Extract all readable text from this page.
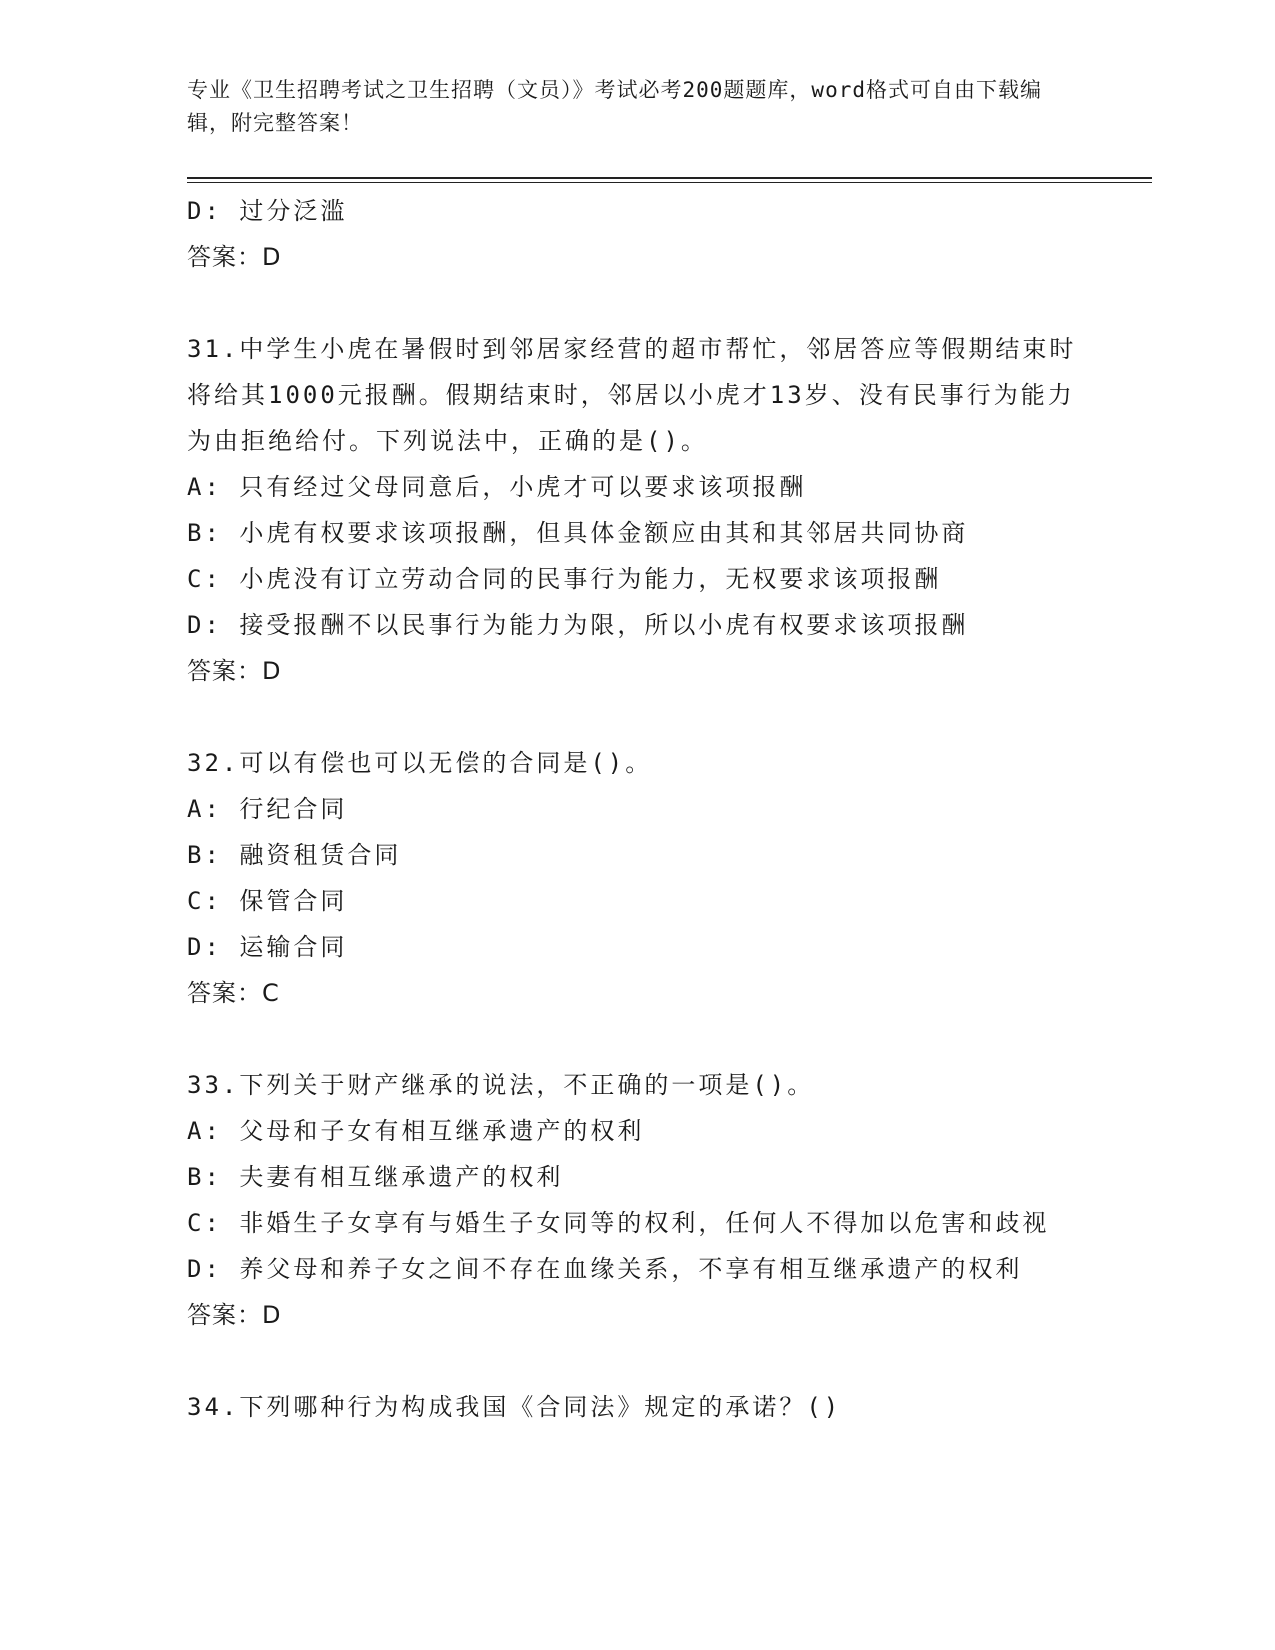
专业《卫生招聘考试之卫生招聘（文员）》考试必考200题题库，word格式可自由下载编辑，附完整答案！
D: 过分泛滥
答案：D
31.中学生小虎在暑假时到邻居家经营的超市帮忙，邻居答应等假期结束时将给其1000元报酬。假期结束时，邻居以小虎才13岁、没有民事行为能力为由拒绝给付。下列说法中，正确的是()。
A: 只有经过父母同意后，小虎才可以要求该项报酬
B: 小虎有权要求该项报酬，但具体金额应由其和其邻居共同协商
C: 小虎没有订立劳动合同的民事行为能力，无权要求该项报酬
D: 接受报酬不以民事行为能力为限，所以小虎有权要求该项报酬
答案：D
32.可以有偿也可以无偿的合同是()。
A: 行纪合同
B: 融资租赁合同
C: 保管合同
D: 运输合同
答案：C
33.下列关于财产继承的说法，不正确的一项是()。
A: 父母和子女有相互继承遗产的权利
B: 夫妻有相互继承遗产的权利
C: 非婚生子女享有与婚生子女同等的权利，任何人不得加以危害和歧视
D: 养父母和养子女之间不存在血缘关系，不享有相互继承遗产的权利
答案：D
34.下列哪种行为构成我国《合同法》规定的承诺？()
